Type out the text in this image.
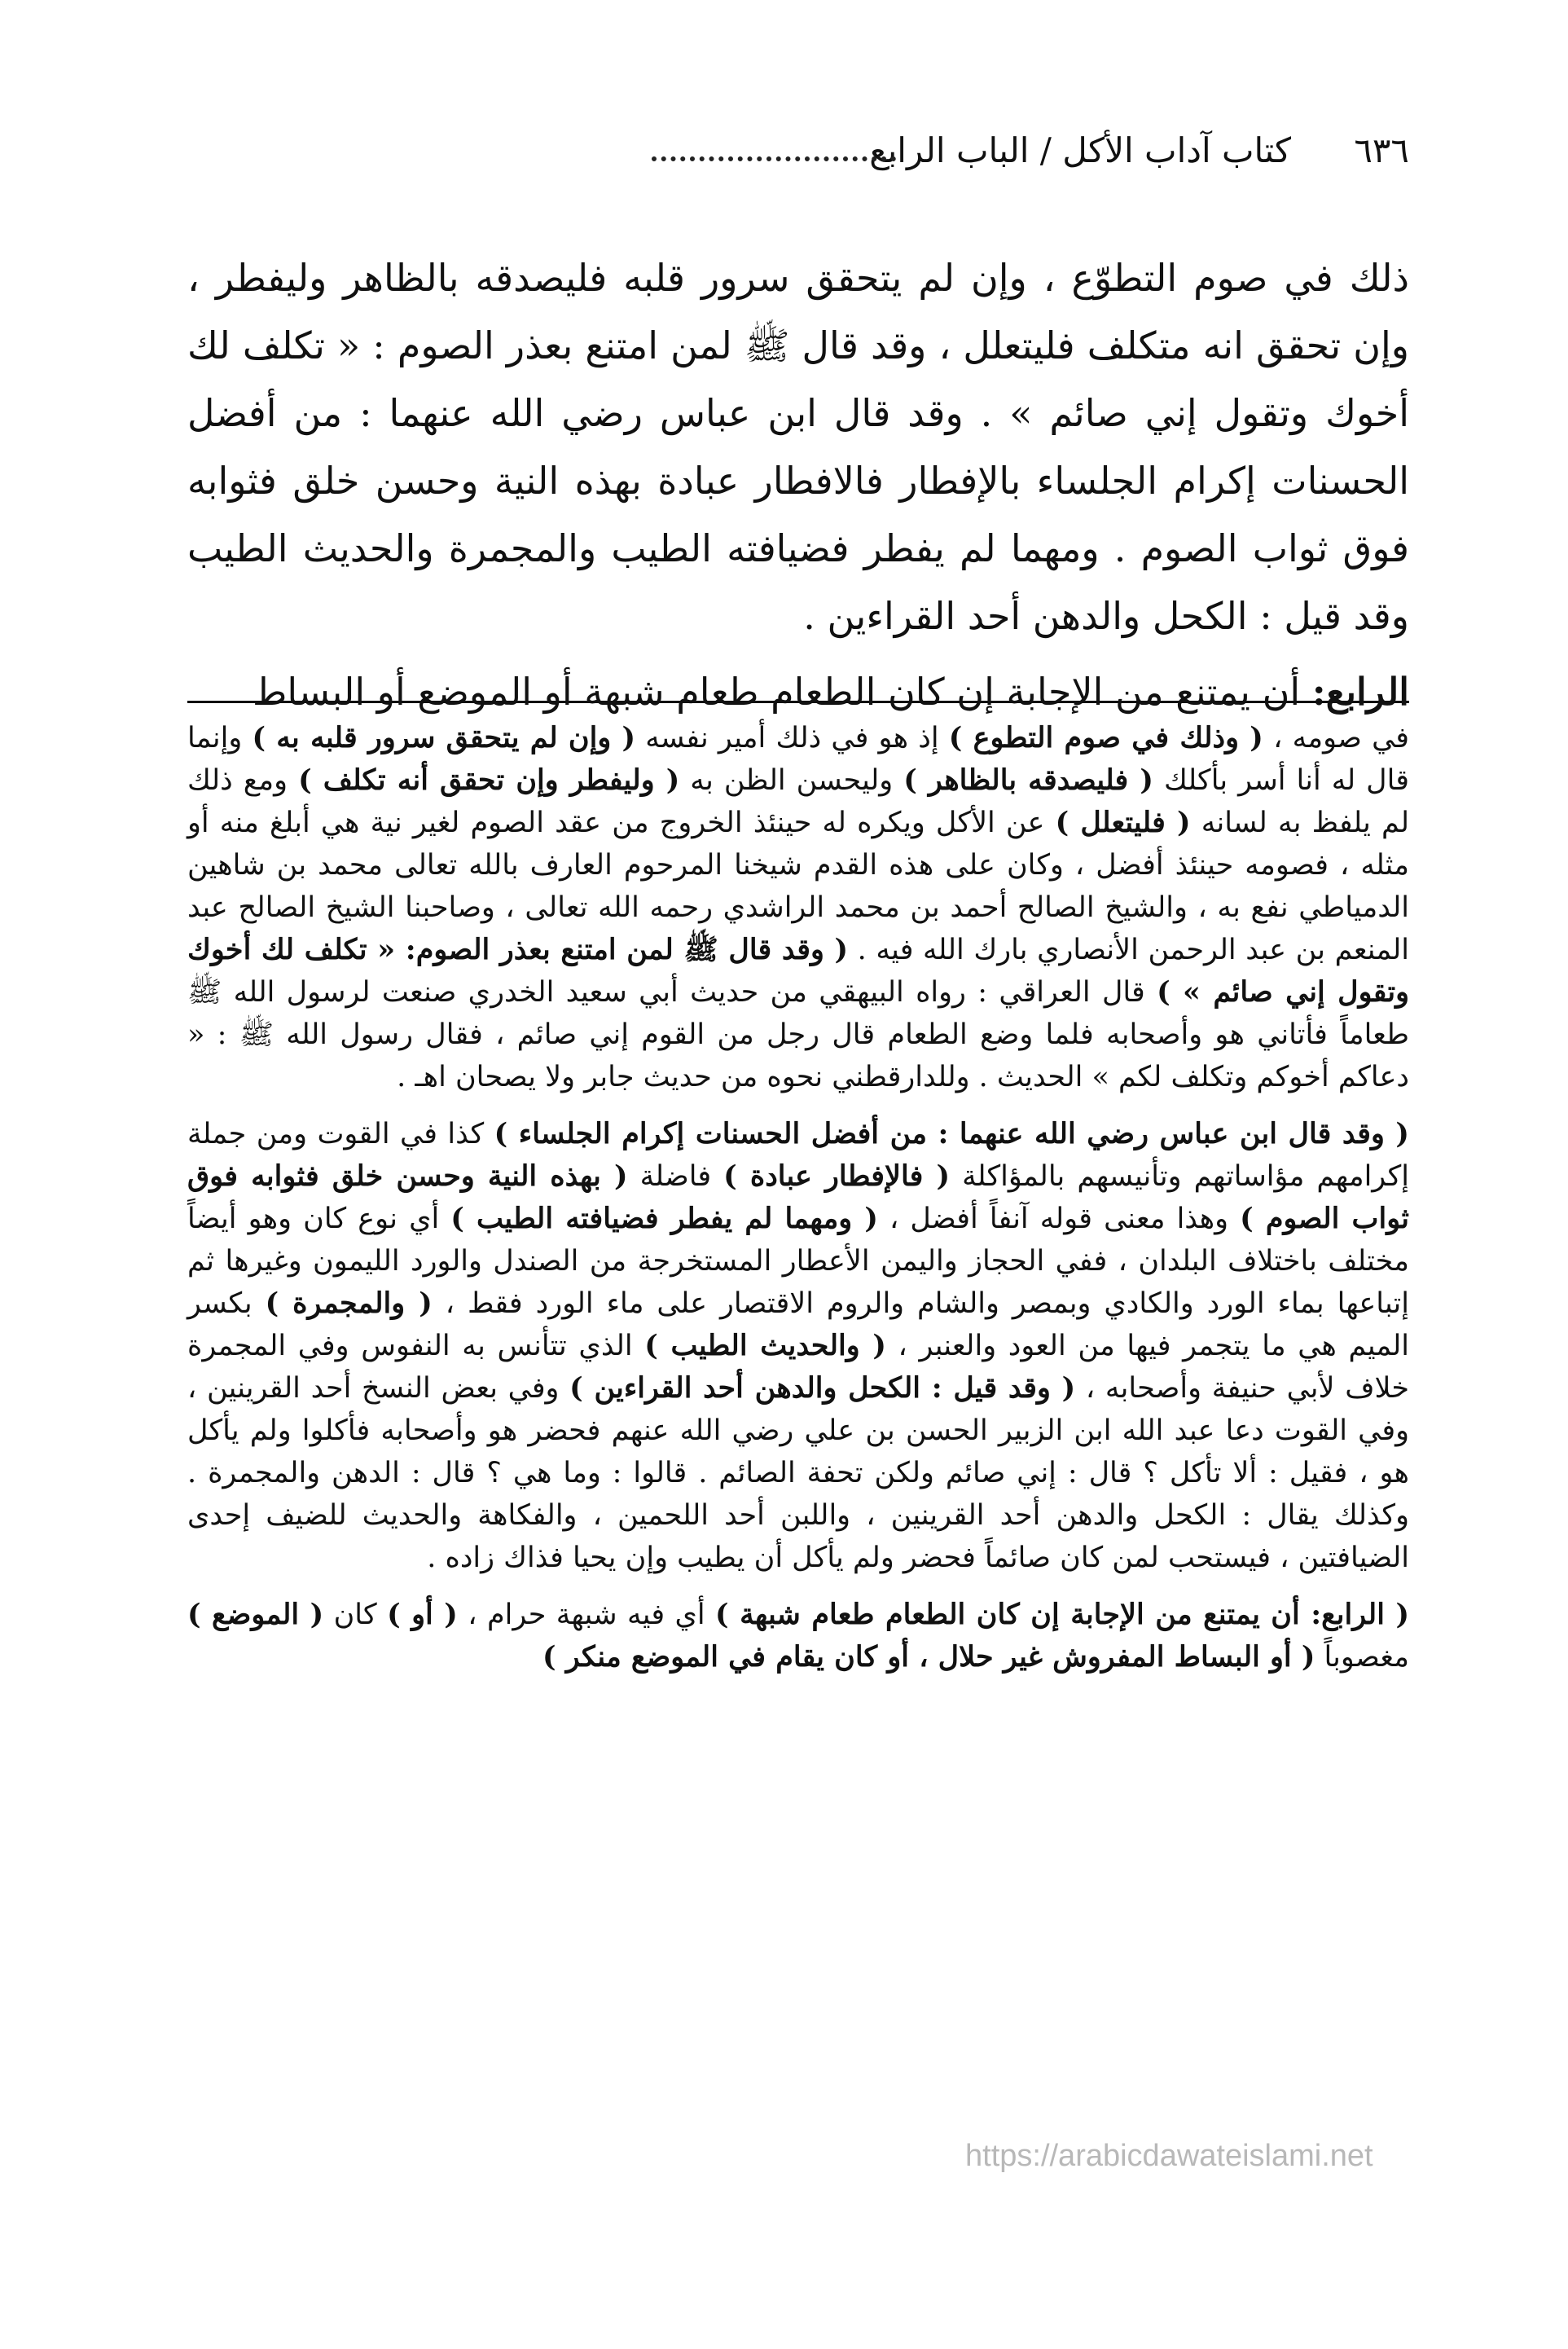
٦٣٦
كتاب آداب الأكل / الباب الرابع

ذلك في صوم التطوّع ، وإن لم يتحقق سرور قلبه فليصدقه بالظاهر وليفطر ، وإن تحقق انه متكلف فليتعلل ، وقد قال ﷺ لمن امتنع بعذر الصوم : « تكلف لك أخوك وتقول إني صائم » . وقد قال ابن عباس رضي الله عنهما : من أفضل الحسنات إكرام الجلساء بالإفطار فالافطار عبادة بهذه النية وحسن خلق فثوابه فوق ثواب الصوم . ومهما لم يفطر فضيافته الطيب والمجمرة والحديث الطيب وقد قيل : الكحل والدهن أحد القراءين .

الرابع: أن يمتنع من الإجابة إن كان الطعام طعام شبهة أو الموضع أو البساط

في صومه ، ( وذلك في صوم التطوع ) إذ هو في ذلك أمير نفسه ( وإن لم يتحقق سرور قلبه به ) وإنما قال له أنا أسر بأكلك ( فليصدقه بالظاهر ) وليحسن الظن به ( وليفطر وإن تحقق أنه تكلف ) ومع ذلك لم يلفظ به لسانه ( فليتعلل ) عن الأكل ويكره له حينئذ الخروج من عقد الصوم لغير نية هي أبلغ منه أو مثله ، فصومه حينئذ أفضل ، وكان على هذه القدم شيخنا المرحوم العارف بالله تعالى محمد بن شاهين الدمياطي نفع به ، والشيخ الصالح أحمد بن محمد الراشدي رحمه الله تعالى ، وصاحبنا الشيخ الصالح عبد المنعم بن عبد الرحمن الأنصاري بارك الله فيه . ( وقد قال ﷺ لمن امتنع بعذر الصوم: « تكلف لك أخوك وتقول إني صائم » ) قال العراقي : رواه البيهقي من حديث أبي سعيد الخدري صنعت لرسول الله ﷺ طعاماً فأتاني هو وأصحابه فلما وضع الطعام قال رجل من القوم إني صائم ، فقال رسول الله ﷺ : « دعاكم أخوكم وتكلف لكم » الحديث . وللدارقطني نحوه من حديث جابر ولا يصحان اهـ .

( وقد قال ابن عباس رضي الله عنهما : من أفضل الحسنات إكرام الجلساء ) كذا في القوت ومن جملة إكرامهم مؤاساتهم وتأنيسهم بالمؤاكلة ( فالإفطار عبادة ) فاضلة ( بهذه النية وحسن خلق فثوابه فوق ثواب الصوم ) وهذا معنى قوله آنفاً أفضل ، ( ومهما لم يفطر فضيافته الطيب ) أي نوع كان وهو أيضاً مختلف باختلاف البلدان ، ففي الحجاز واليمن الأعطار المستخرجة من الصندل والورد الليمون وغيرها ثم إتباعها بماء الورد والكادي وبمصر والشام والروم الاقتصار على ماء الورد فقط ، ( والمجمرة ) بكسر الميم هي ما يتجمر فيها من العود والعنبر ، ( والحديث الطيب ) الذي تتأنس به النفوس وفي المجمرة خلاف لأبي حنيفة وأصحابه ، ( وقد قيل : الكحل والدهن أحد القراءين ) وفي بعض النسخ أحد القرينين ، وفي القوت دعا عبد الله ابن الزبير الحسن بن علي رضي الله عنهم فحضر هو وأصحابه فأكلوا ولم يأكل هو ، فقيل : ألا تأكل ؟ قال : إني صائم ولكن تحفة الصائم . قالوا : وما هي ؟ قال : الدهن والمجمرة . وكذلك يقال : الكحل والدهن أحد القرينين ، واللبن أحد اللحمين ، والفكاهة والحديث للضيف إحدى الضيافتين ، فيستحب لمن كان صائماً فحضر ولم يأكل أن يطيب وإن يحيا فذاك زاده .

( الرابع: أن يمتنع من الإجابة إن كان الطعام طعام شبهة ) أي فيه شبهة حرام ، ( أو ) كان ( الموضع ) مغصوباً ( أو البساط المفروش غير حلال ، أو كان يقام في الموضع منكر )

https://arabicdawateislami.net
